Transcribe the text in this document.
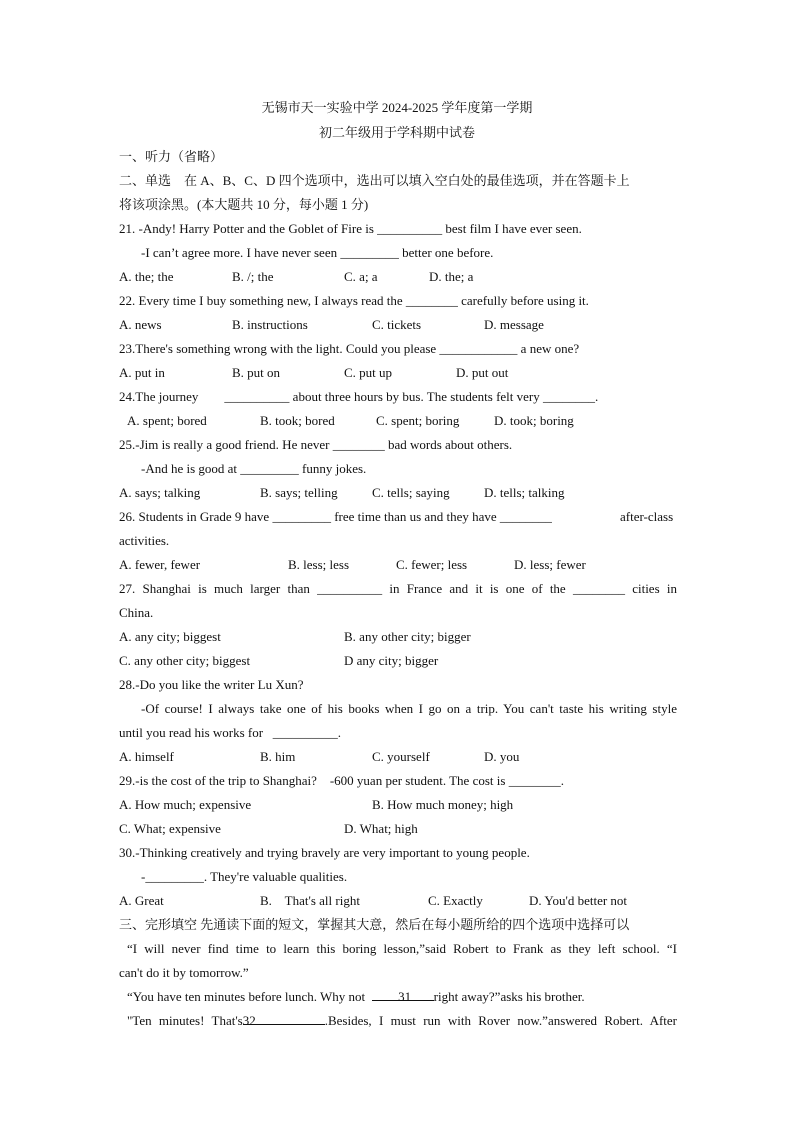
无锡市天一实验中学 2024-2025 学年度第一学期
初二年级用于学科期中试卷
一、听力（省略）
二、单选　在 A、B、C、D 四个选项中，选出可以填入空白处的最佳选项，并在答题卡上
将该项涂黑。(本大题共 10 分，每小题 1 分)
21. -Andy! Harry Potter and the Goblet of Fire is __________ best film I have ever seen.
-I can’t agree more. I have never seen _________ better one before.
A. the; the	B. /; the	C. a; a	D. the; a
22. Every time I buy something new, I always read the ________ carefully before using it.
A. news	B. instructions	C. tickets	D. message
23.There's something wrong with the light. Could you please ____________ a new one?
A. put in	B. put on	C. put up	D. put out
24.The journey        __________ about three hours by bus. The students felt very ________.
A. spent; bored	B. took; bored	C. spent; boring	D. took; boring
25.-Jim is really a good friend. He never ________ bad words about others.
-And he is good at _________ funny jokes.
A. says; talking	B. says; telling	C. tells; saying	D. tells; talking
26. Students in Grade 9 have _________ free time than us and they have ________	after-class
activities.
A. fewer, fewer	B. less; less	C. fewer; less	D. less; fewer
27. Shanghai is much larger than __________ in France and it is one of the ________ cities in
China.
A. any city; biggest	B. any other city; bigger
C. any other city; biggest	D any city; bigger
28.-Do you like the writer Lu Xun?
-Of course! I always take one of his books when I go on a trip. You can't taste his writing style
until you read his works for   __________.
A. himself	B. him	C. yourself	D. you
29.-is the cost of the trip to Shanghai?    -600 yuan per student. The cost is ________.
A. How much; expensive	B. How much money; high
C. What; expensive	D. What; high
30.-Thinking creatively and trying bravely are very important to young people.
-_________. They're valuable qualities.
A. Great	B.    That's all right	C. Exactly	D. You'd better not
三、完形填空 先通读下面的短文，掌握其大意，然后在每小题所给的四个选项中选择可以
“I will never find time to learn this boring lesson,”said Robert to Frank as they left school. “I
can't do it by tomorrow.”
“You have ten minutes before lunch. Why not  31 right away?”asks his brother.
"Ten minutes! That's32	.Besides, I must run with Rover now.”answered Robert. After
